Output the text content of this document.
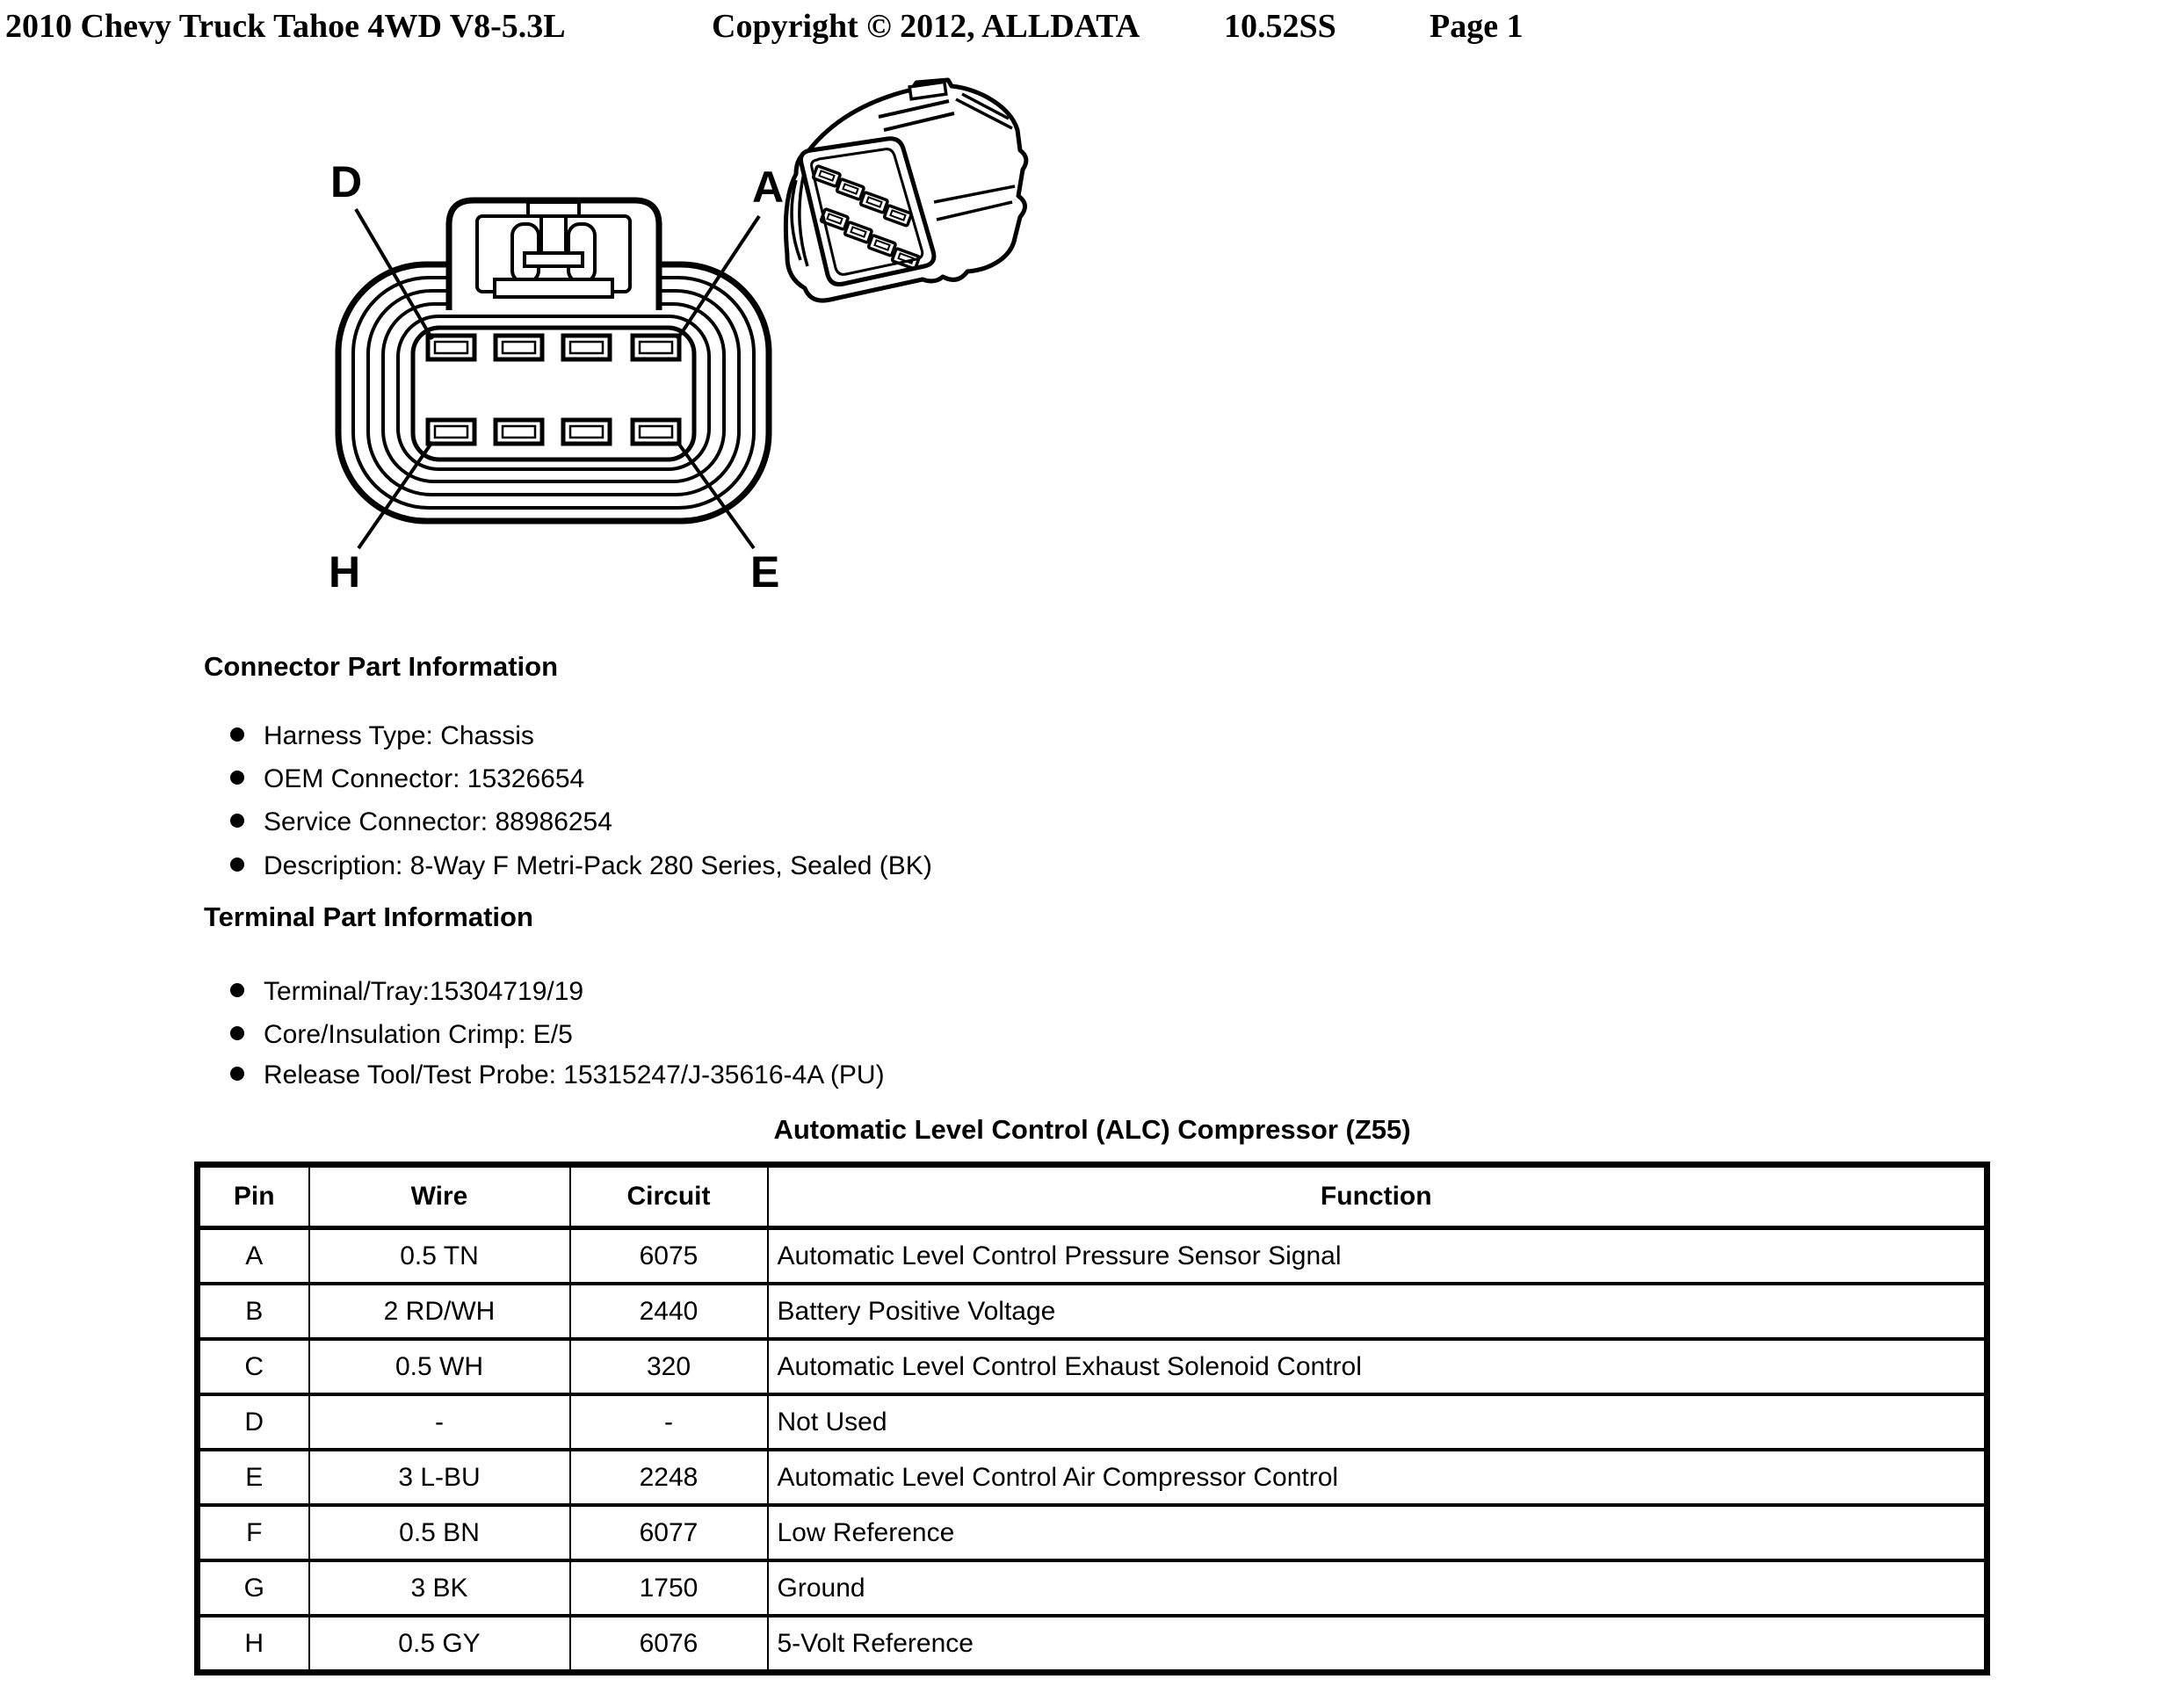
2010 Chevy Truck Tahoe 4WD V8-5.3L	Copyright © 2012, ALLDATA	10.52SS	Page 1
D	A
H	E
Connector Part Information
Harness Type: Chassis
OEM Connector: 15326654
Service Connector: 88986254
Description: 8-Way F Metri-Pack 280 Series, Sealed (BK)
Terminal Part Information
Terminal/Tray:15304719/19
Core/Insulation Crimp: E/5
Release Tool/Test Probe: 15315247/J-35616-4A (PU)
Automatic Level Control (ALC) Compressor (Z55)
Pin	Wire	Circuit	Function
A	0.5 TN	6075	Automatic Level Control Pressure Sensor Signal
B	2 RD/WH	2440	Battery Positive Voltage
C	0.5 WH	320	Automatic Level Control Exhaust Solenoid Control
D	-	-	Not Used
E	3 L-BU	2248	Automatic Level Control Air Compressor Control
F	0.5 BN	6077	Low Reference
G	3 BK	1750	Ground
H	0.5 GY	6076	5-Volt Reference
